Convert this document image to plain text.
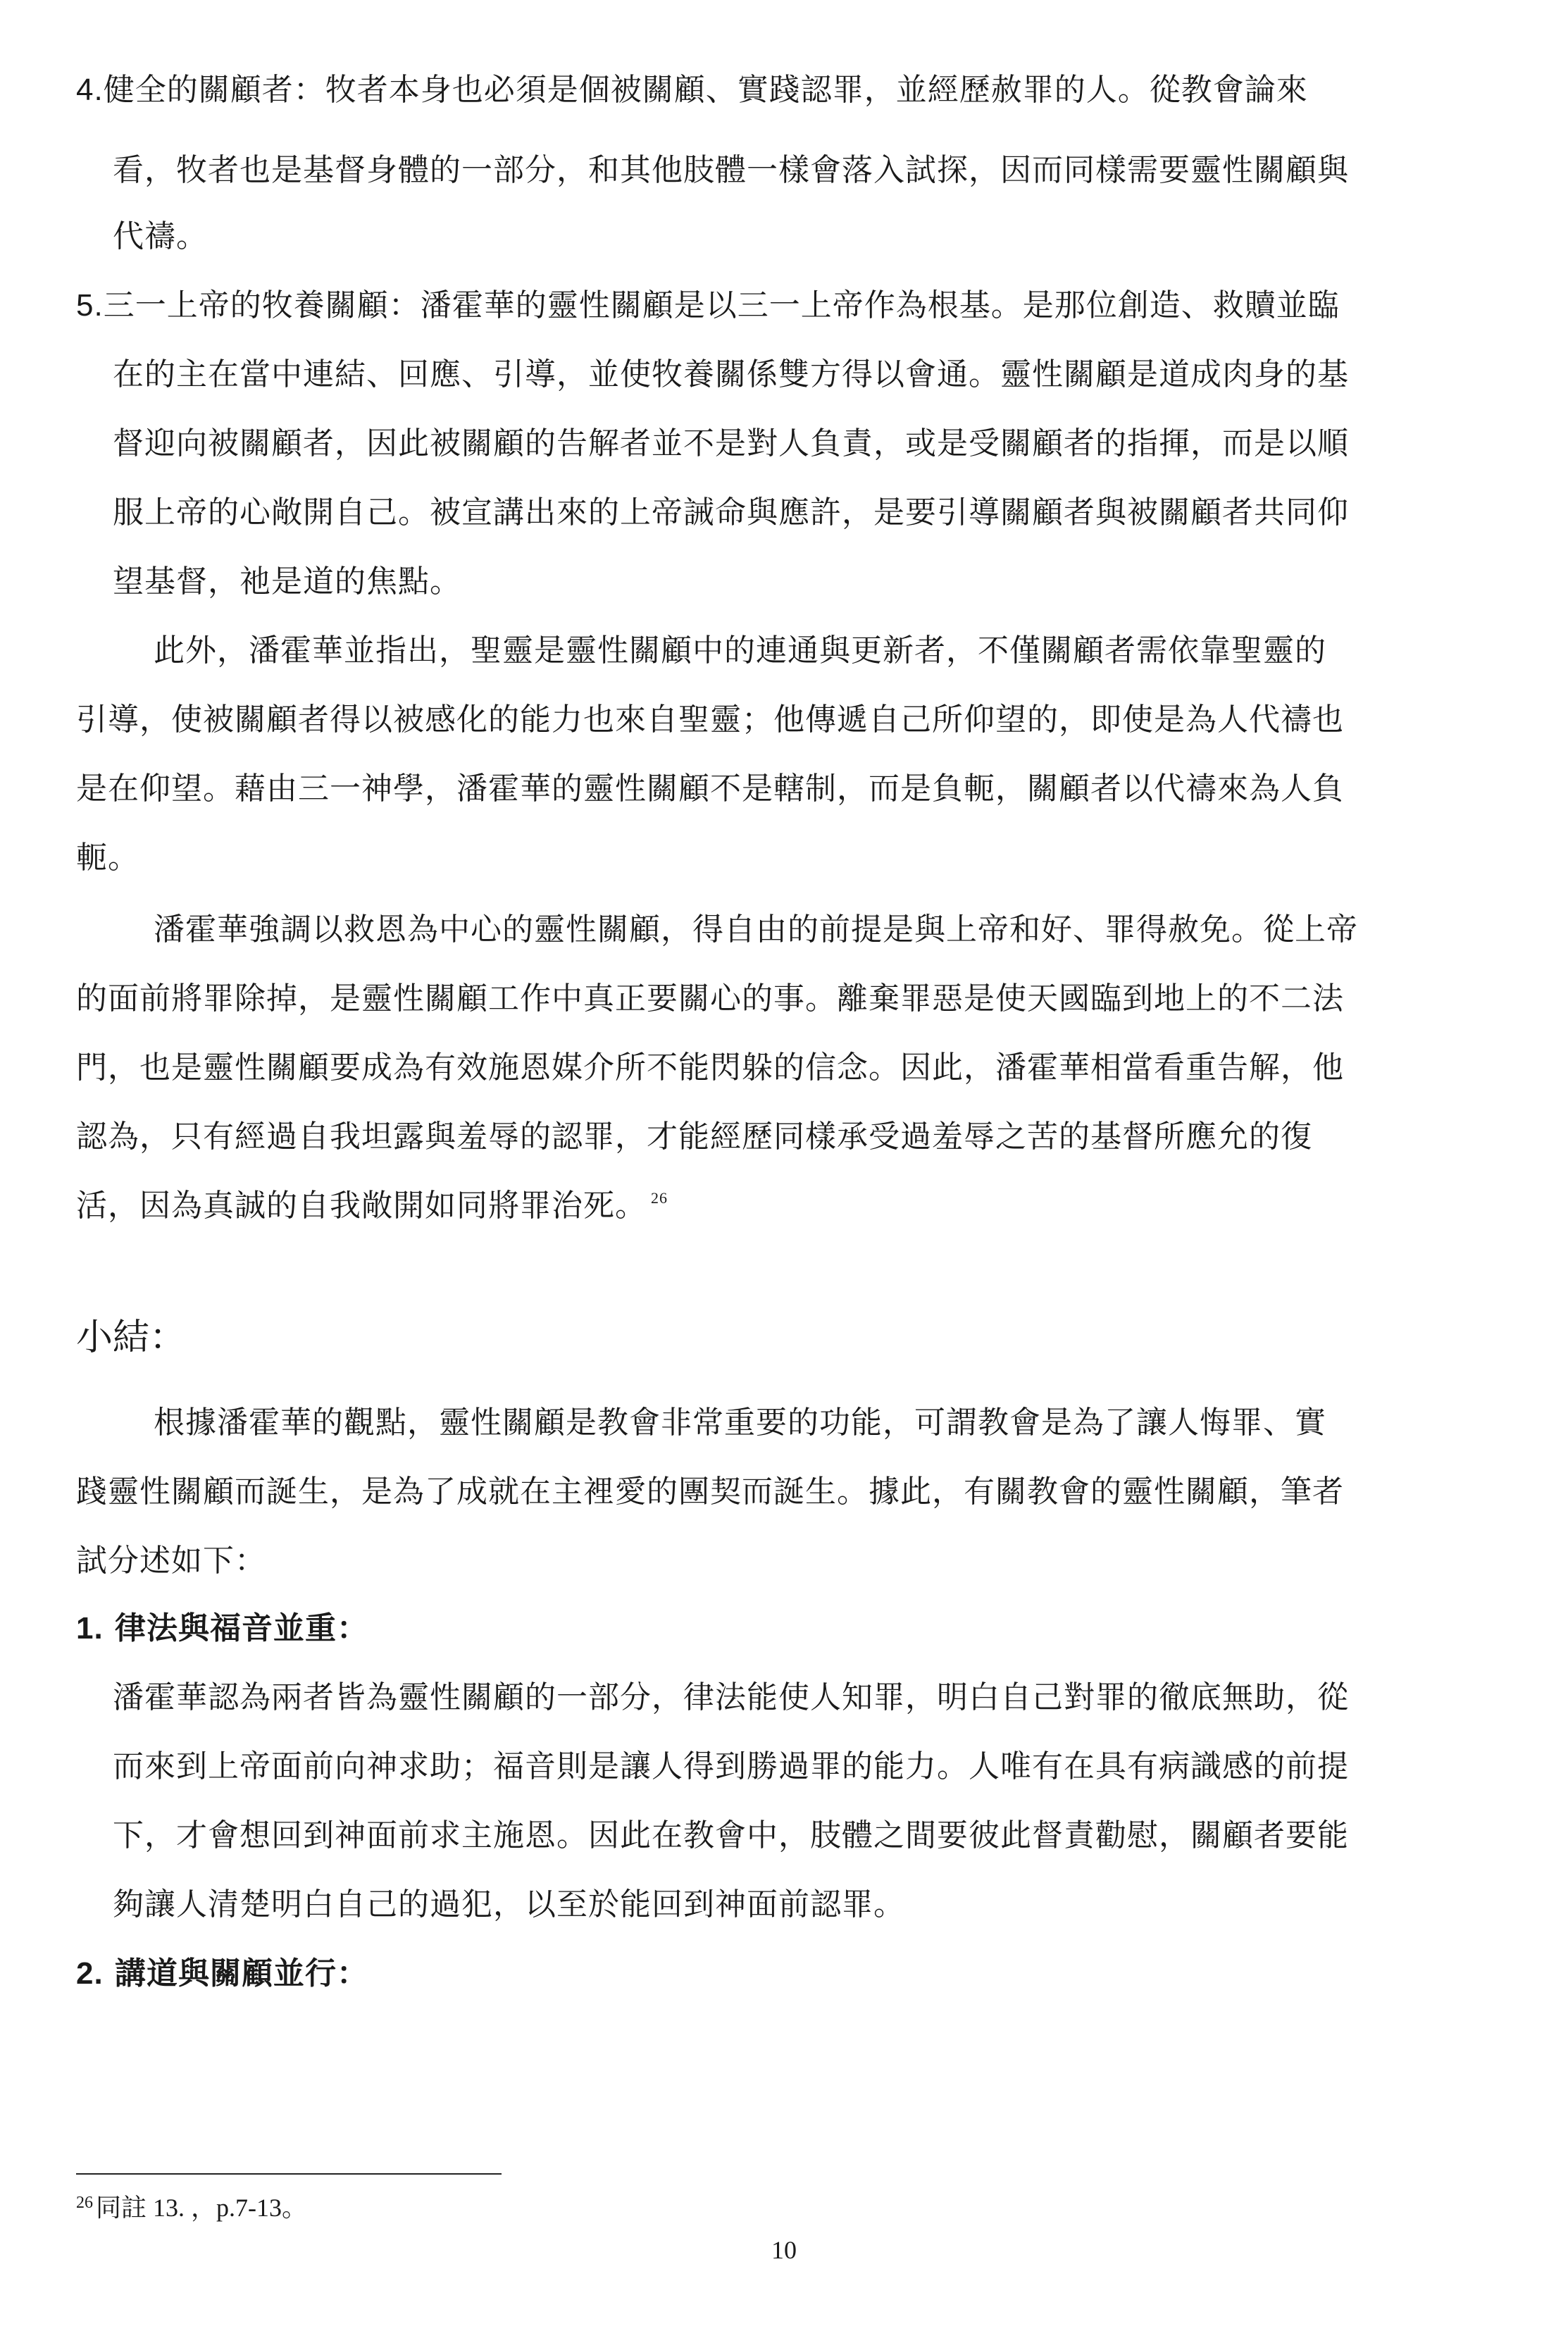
4.健全的關顧者：牧者本身也必須是個被關顧、實踐認罪，並經歷赦罪的人。從教會論來
看，牧者也是基督身體的一部分，和其他肢體一樣會落入試探，因而同樣需要靈性關顧與
代禱。
5.三一上帝的牧養關顧：潘霍華的靈性關顧是以三一上帝作為根基。是那位創造、救贖並臨
在的主在當中連結、回應、引導，並使牧養關係雙方得以會通。靈性關顧是道成肉身的基
督迎向被關顧者，因此被關顧的告解者並不是對人負責，或是受關顧者的指揮，而是以順
服上帝的心敞開自己。被宣講出來的上帝誡命與應許，是要引導關顧者與被關顧者共同仰
望基督，祂是道的焦點。
此外，潘霍華並指出，聖靈是靈性關顧中的連通與更新者，不僅關顧者需依靠聖靈的
引導，使被關顧者得以被感化的能力也來自聖靈；他傳遞自己所仰望的，即使是為人代禱也
是在仰望。藉由三一神學，潘霍華的靈性關顧不是轄制，而是負軛，關顧者以代禱來為人負
軛。
潘霍華強調以救恩為中心的靈性關顧，得自由的前提是與上帝和好、罪得赦免。從上帝
的面前將罪除掉，是靈性關顧工作中真正要關心的事。離棄罪惡是使天國臨到地上的不二法
門，也是靈性關顧要成為有效施恩媒介所不能閃躲的信念。因此，潘霍華相當看重告解，他
認為，只有經過自我坦露與羞辱的認罪，才能經歷同樣承受過羞辱之苦的基督所應允的復
活，因為真誠的自我敞開如同將罪治死。 $^{26}$
小結：
根據潘霍華的觀點，靈性關顧是教會非常重要的功能，可謂教會是為了讓人悔罪、實
踐靈性關顧而誕生，是為了成就在主裡愛的團契而誕生。據此，有關教會的靈性關顧，筆者
試分述如下：
1. 律法與福音並重：
潘霍華認為兩者皆為靈性關顧的一部分，律法能使人知罪，明白自己對罪的徹底無助，從
而來到上帝面前向神求助；福音則是讓人得到勝過罪的能力。人唯有在具有病識感的前提
下，才會想回到神面前求主施恩。因此在教會中，肢體之間要彼此督責勸慰，關顧者要能
夠讓人清楚明白自己的過犯，以至於能回到神面前認罪。
2. 講道與關顧並行：
$^{26}$ 同註 13. ，p.7-13。
10
